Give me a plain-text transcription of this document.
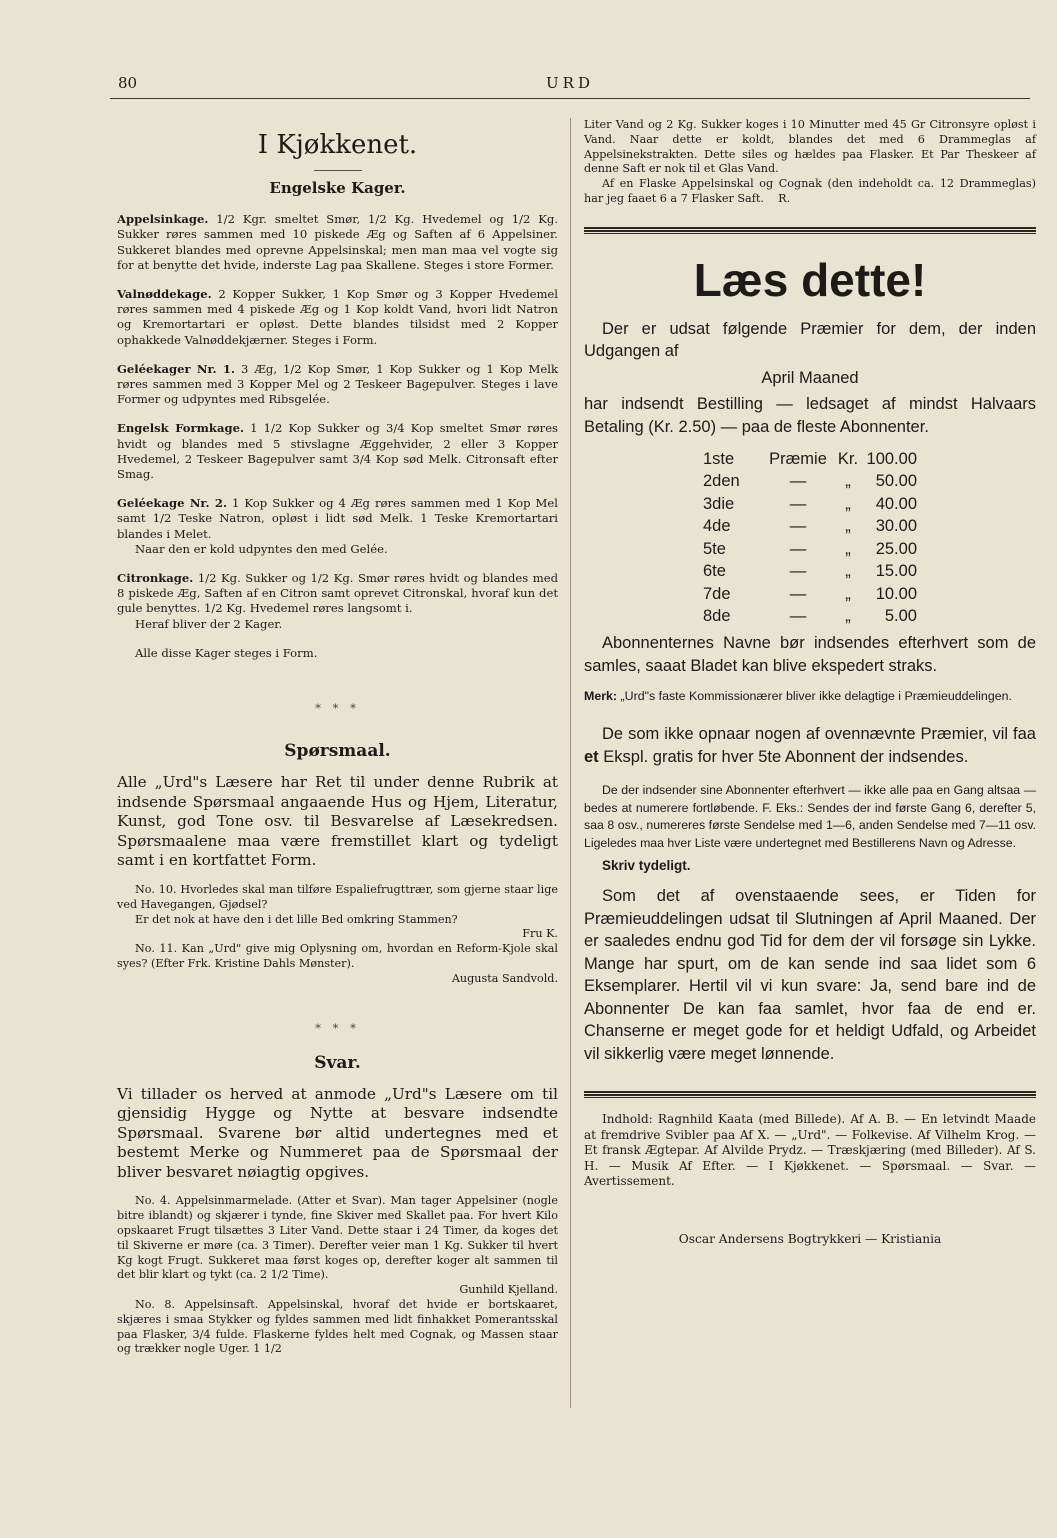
80	URD
I Kjøkkenet.
Engelske Kager.

Appelsinkage. 1/2 Kgr. smeltet Smør, 1/2 Kg. Hvedemel og 1/2 Kg. Sukker røres sammen med 10 piskede Æg og Saften af 6 Appelsiner. Sukkeret blandes med oprevne Appelsinskal; men man maa vel vogte sig for at benytte det hvide, inderste Lag paa Skallene. Steges i store Former.

Valnøddekage. 2 Kopper Sukker, 1 Kop Smør og 3 Kopper Hvedemel røres sammen med 4 piskede Æg og 1 Kop koldt Vand, hvori lidt Natron og Kremortartari er opløst. Dette blandes tilsidst med 2 Kopper ophakkede Valnøddekjærner. Steges i Form.

Geléekager Nr. 1. 3 Æg, 1/2 Kop Smør, 1 Kop Sukker og 1 Kop Melk røres sammen med 3 Kopper Mel og 2 Teskeer Bagepulver. Steges i lave Former og udpyntes med Ribsgelée.

Engelsk Formkage. 1 1/2 Kop Sukker og 3/4 Kop smeltet Smør røres hvidt og blandes med 5 stivslagne Æggehvider, 2 eller 3 Kopper Hvedemel, 2 Teskeer Bagepulver samt 3/4 Kop sød Melk. Citronsaft efter Smag.

Geléekage Nr. 2. 1 Kop Sukker og 4 Æg røres sammen med 1 Kop Mel samt 1/2 Teske Natron, opløst i lidt sød Melk. 1 Teske Kremortartari blandes i Melet.

Naar den er kold udpyntes den med Gelée.

Citronkage. 1/2 Kg. Sukker og 1/2 Kg. Smør røres hvidt og blandes med 8 piskede Æg, Saften af en Citron samt oprevet Citronskal, hvoraf kun det gule benyttes. 1/2 Kg. Hvedemel røres langsomt i.

Heraf bliver der 2 Kager.

Alle disse Kager steges i Form.

* * *
Spørsmaal.

Alle „Urd"s Læsere har Ret til under denne Rubrik at indsende Spørsmaal angaaende Hus og Hjem, Literatur, Kunst, god Tone osv. til Besvarelse af Læsekredsen. Spørsmaalene maa være fremstillet klart og tydeligt samt i en kortfattet Form.

No. 10. Hvorledes skal man tilføre Espaliefrugttrær, som gjerne staar lige ved Havegangen, Gjødsel?

Er det nok at have den i det lille Bed omkring Stammen?

Fru K.

No. 11. Kan „Urd" give mig Oplysning om, hvordan en Reform-Kjole skal syes? (Efter Frk. Kristine Dahls Mønster).

Augusta Sandvold.

* * *
Svar.

Vi tillader os herved at anmode „Urd"s Læsere om til gjensidig Hygge og Nytte at besvare indsendte Spørsmaal. Svarene bør altid undertegnes med et bestemt Merke og Nummeret paa de Spørsmaal der bliver besvaret nøiagtig opgives.

No. 4. Appelsinmarmelade. (Atter et Svar). Man tager Appelsiner (nogle bitre iblandt) og skjærer i tynde, fine Skiver med Skallet paa. For hvert Kilo opskaaret Frugt tilsættes 3 Liter Vand. Dette staar i 24 Timer, da koges det til Skiverne er møre (ca. 3 Timer). Derefter veier man 1 Kg. Sukker til hvert Kg kogt Frugt. Sukkeret maa først koges op, derefter koger alt sammen til det blir klart og tykt (ca. 2 1/2 Time).

Gunhild Kjelland.

No. 8. Appelsinsaft. Appelsinskal, hvoraf det hvide er bortskaaret, skjæres i smaa Stykker og fyldes sammen med lidt finhakket Pomerantsskal paa Flasker, 3/4 fulde. Flaskerne fyldes helt med Cognak, og Massen staar og trækker nogle Uger. 1 1/2

Liter Vand og 2 Kg. Sukker koges i 10 Minutter med 45 Gr Citronsyre opløst i Vand. Naar dette er koldt, blandes det med 6 Drammeglas af Appelsinekstrakten. Dette siles og hældes paa Flasker. Et Par Theskeer af denne Saft er nok til et Glas Vand.

Af en Flaske Appelsinskal og Cognak (den indeholdt ca. 12 Drammeglas) har jeg faaet 6 a 7 Flasker Saft. R.

Læs dette!

Der er udsat følgende Præmier for dem, der inden Udgangen af

April Maaned

har indsendt Bestilling — ledsaget af mindst Halvaars Betaling (Kr. 2.50) — paa de fleste Abonnenter.

1ste	Præmie	Kr.	100.00
2den	—	„	50.00
3die	—	„	40.00
4de	—	„	30.00
5te	—	„	25.00
6te	—	„	15.00
7de	—	„	10.00
8de	—	„	5.00

Abonnenternes Navne bør indsendes efterhvert som de samles, saaat Bladet kan blive ekspedert straks.

Merk: „Urd"s faste Kommissionærer bliver ikke delagtige i Præmieuddelingen.

De som ikke opnaar nogen af ovennævnte Præmier, vil faa et Ekspl. gratis for hver 5te Abonnent der indsendes.

De der indsender sine Abonnenter efterhvert — ikke alle paa en Gang altsaa — bedes at numerere fortløbende. F. Eks.: Sendes der ind første Gang 6, derefter 5, saa 8 osv., numereres første Sendelse med 1—6, anden Sendelse med 7—11 osv. Ligeledes maa hver Liste være undertegnet med Bestillerens Navn og Adresse.

Skriv tydeligt.

Som det af ovenstaaende sees, er Tiden for Præmieuddelingen udsat til Slutningen af April Maaned. Der er saaledes endnu god Tid for dem der vil forsøge sin Lykke. Mange har spurt, om de kan sende ind saa lidet som 6 Eksemplarer. Hertil vil vi kun svare: Ja, send bare ind de Abonnenter De kan faa samlet, hvor faa de end er. Chanserne er meget gode for et heldigt Udfald, og Arbeidet vil sikkerlig være meget lønnende.

Indhold: Ragnhild Kaata (med Billede). Af A. B. — En letvindt Maade at fremdrive Svibler paa Af X. — „Urd". — Folkevise. Af Vilhelm Krog. — Et fransk Ægtepar. Af Alvilde Prydz. — Træskjæring (med Billeder). Af S. H. — Musik Af Efter. — I Kjøkkenet. — Spørsmaal. — Svar. — Avertissement.

Oscar Andersens Bogtrykkeri — Kristiania
